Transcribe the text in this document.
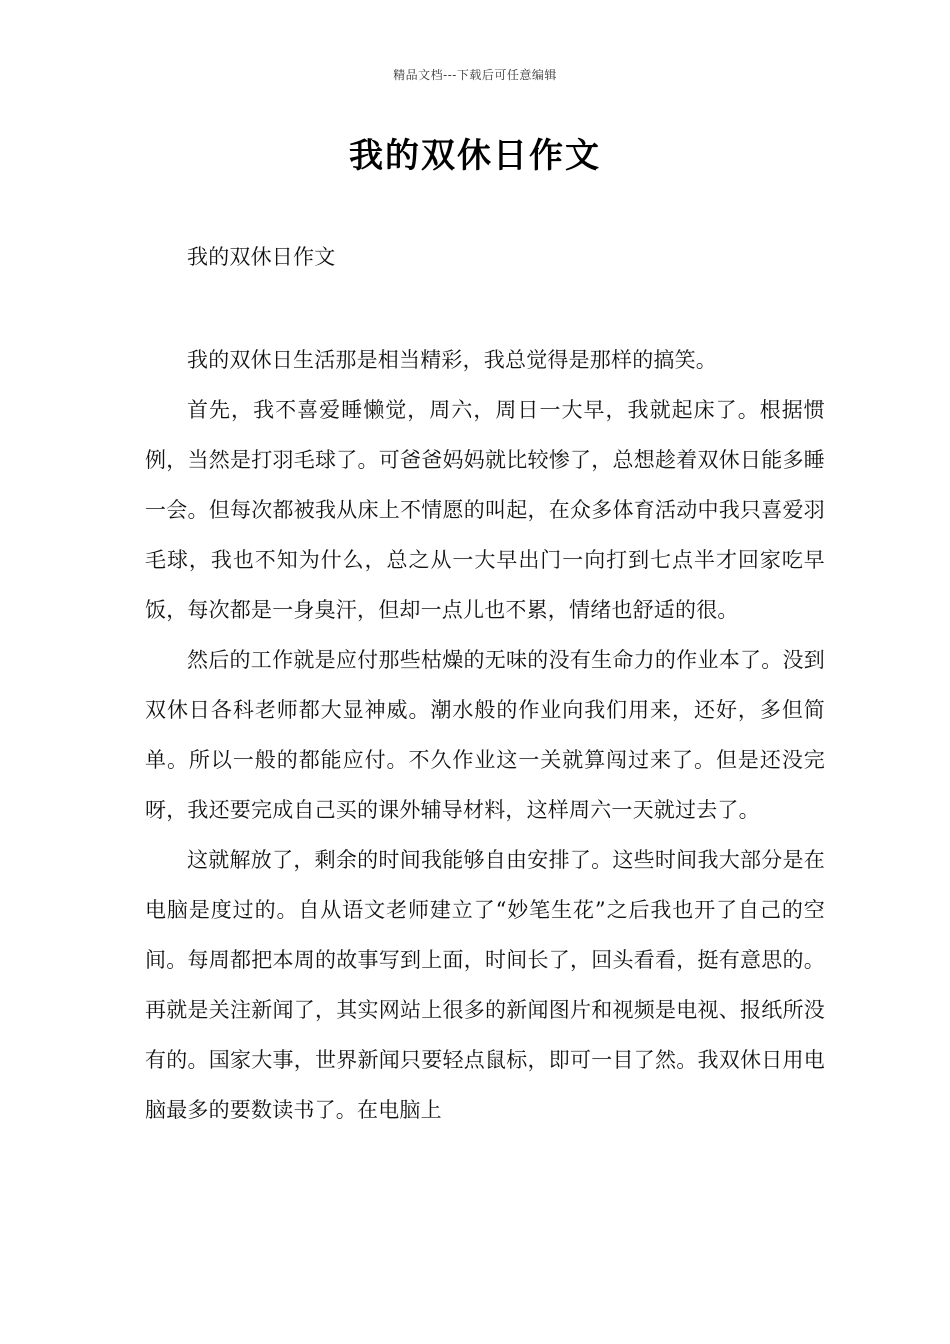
精品文档---下载后可任意编辑
我的双休日作文

我的双休日作文

我的双休日生活那是相当精彩，我总觉得是那样的搞笑。

首先，我不喜爱睡懒觉，周六，周日一大早，我就起床了。根据惯例，当然是打羽毛球了。可爸爸妈妈就比较惨了，总想趁着双休日能多睡一会。但每次都被我从床上不情愿的叫起，在众多体育活动中我只喜爱羽毛球，我也不知为什么，总之从一大早出门一向打到七点半才回家吃早饭，每次都是一身臭汗，但却一点儿也不累，情绪也舒适的很。

然后的工作就是应付那些枯燥的无味的没有生命力的作业本了。没到双休日各科老师都大显神威。潮水般的作业向我们用来，还好，多但简单。所以一般的都能应付。不久作业这一关就算闯过来了。但是还没完呀，我还要完成自己买的课外辅导材料，这样周六一天就过去了。

这就解放了，剩余的时间我能够自由安排了。这些时间我大部分是在电脑是度过的。自从语文老师建立了“妙笔生花”之后我也开了自己的空间。每周都把本周的故事写到上面，时间长了，回头看看，挺有意思的。再就是关注新闻了，其实网站上很多的新闻图片和视频是电视、报纸所没有的。国家大事，世界新闻只要轻点鼠标，即可一目了然。我双休日用电脑最多的要数读书了。在电脑上
